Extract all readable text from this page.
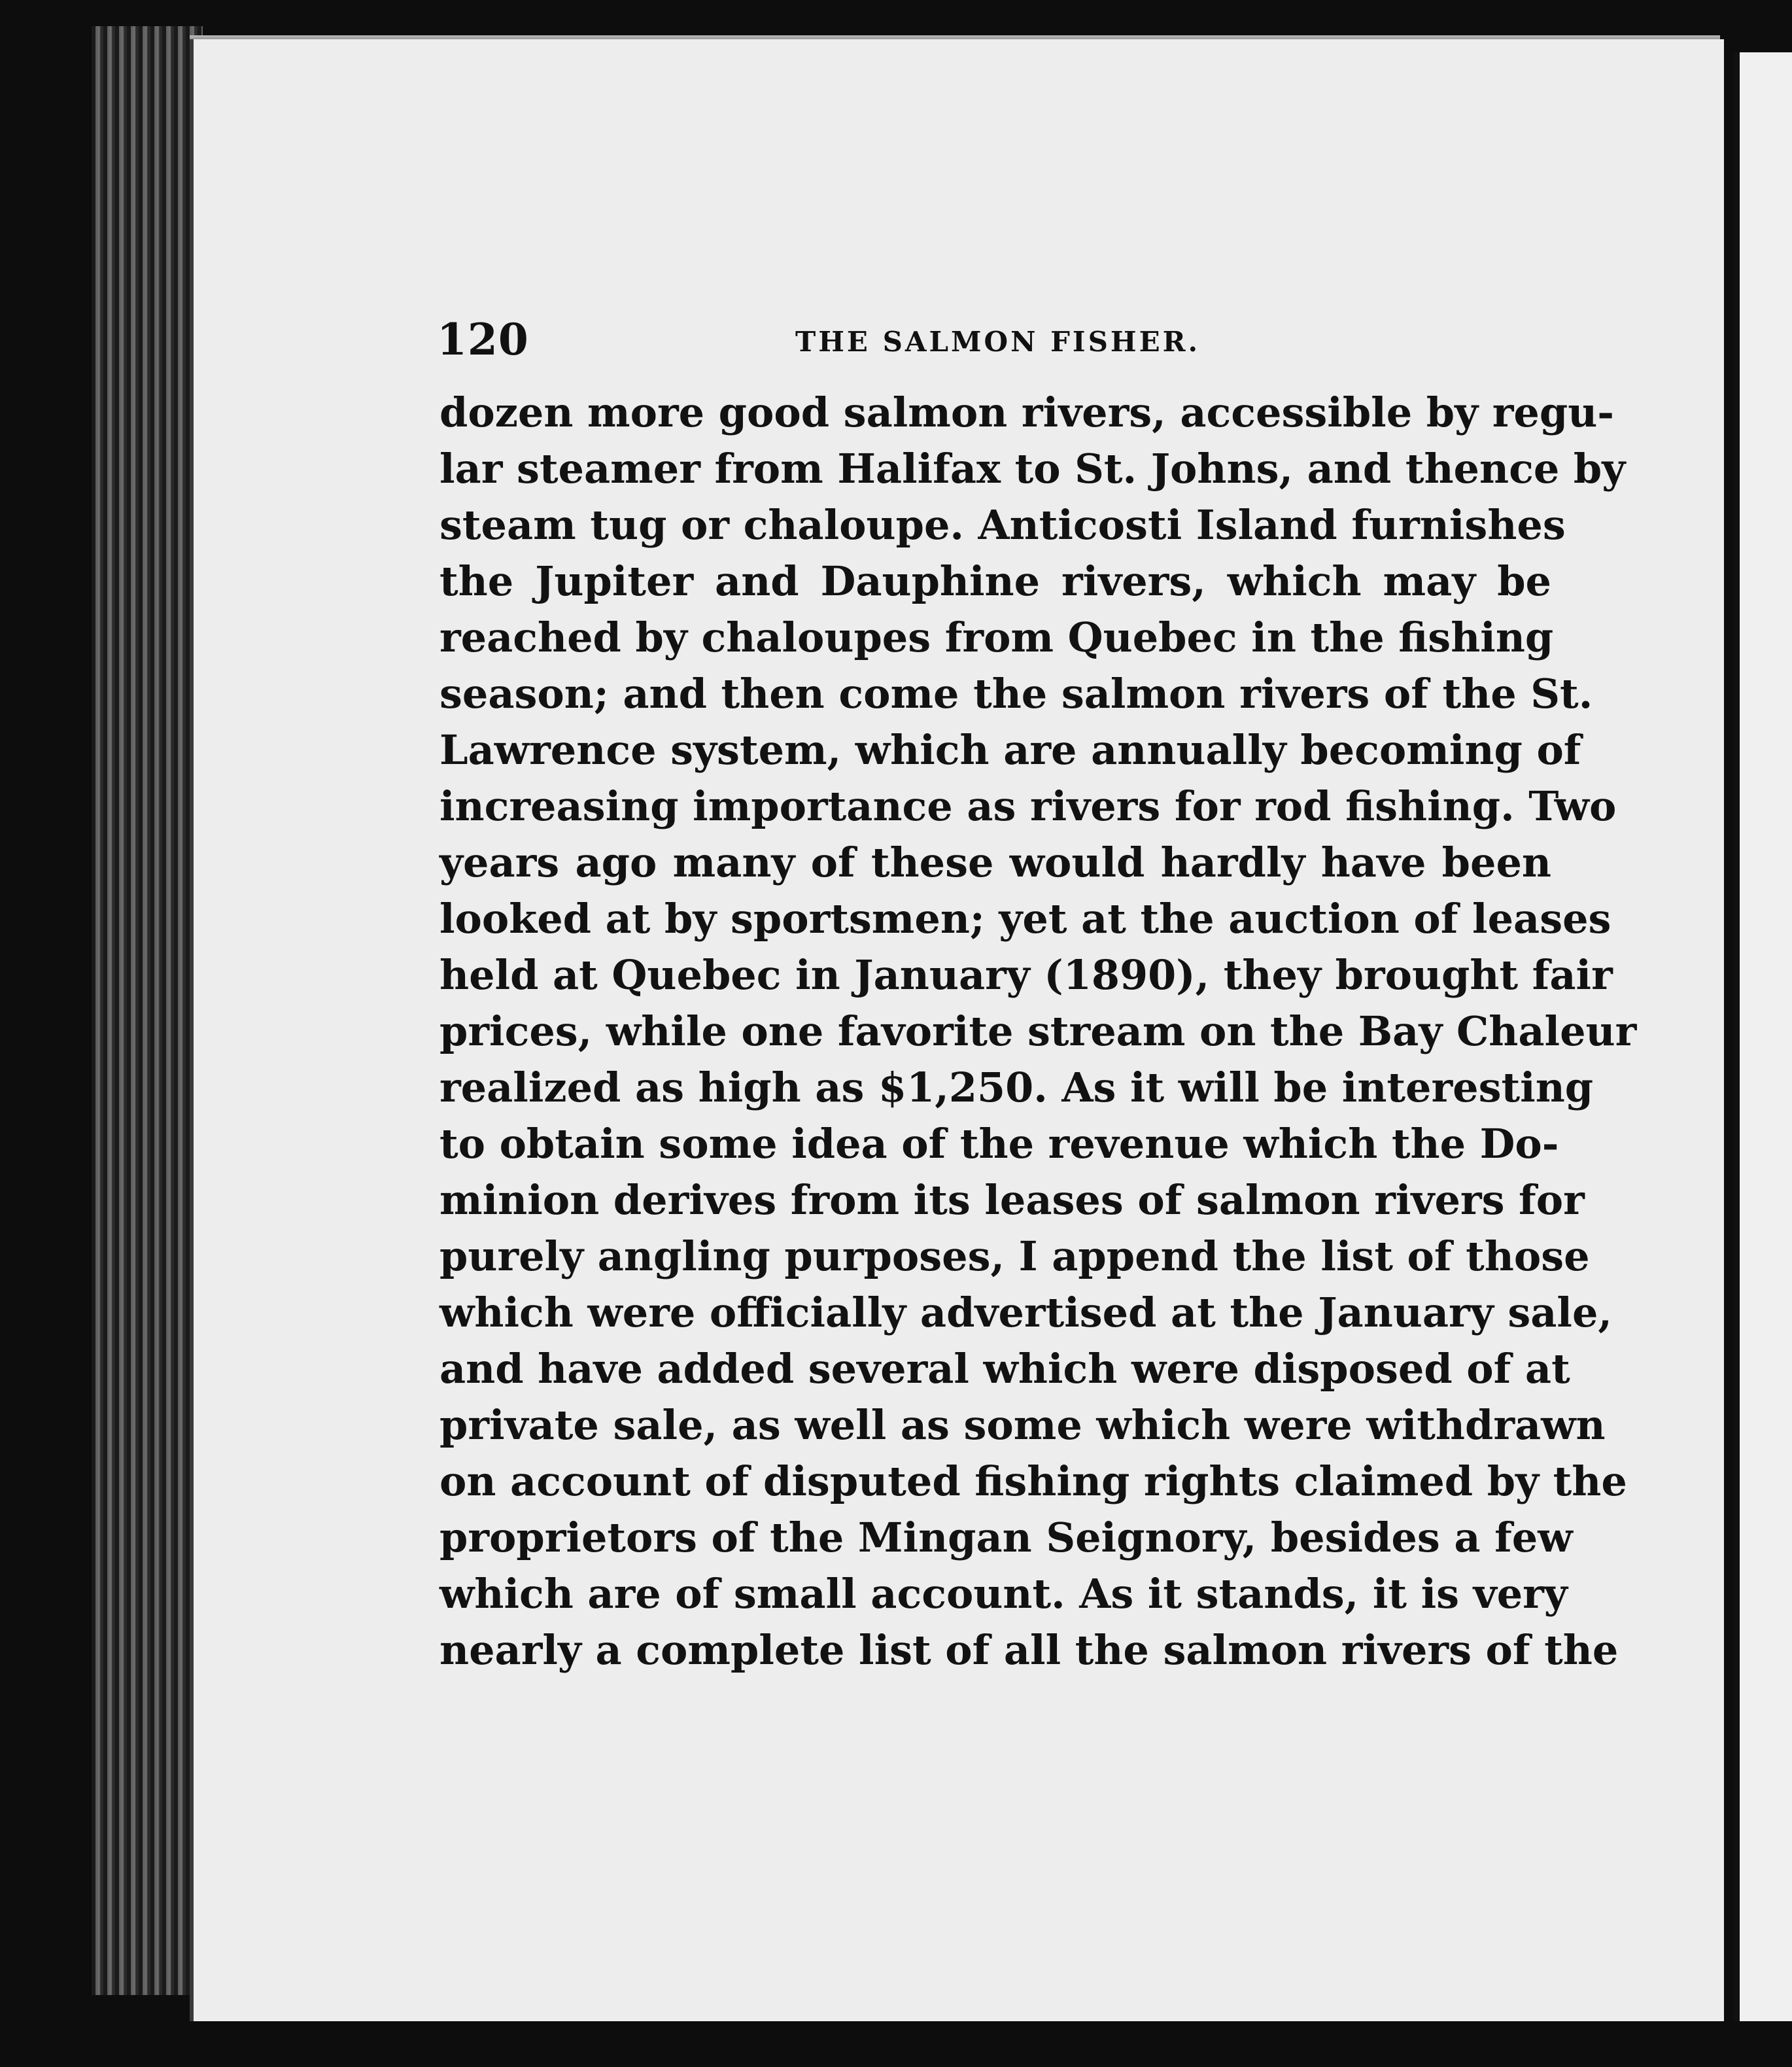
120	THE SALMON FISHER.
dozen more good salmon rivers, accessible by regu-
lar steamer from Halifax to St. Johns, and thence by
steam tug or chaloupe. Anticosti Island furnishes
the Jupiter and Dauphine rivers, which may be
reached by chaloupes from Quebec in the fishing
season; and then come the salmon rivers of the St.
Lawrence system, which are annually becoming of
increasing importance as rivers for rod fishing. Two
years ago many of these would hardly have been
looked at by sportsmen; yet at the auction of leases
held at Quebec in January (1890), they brought fair
prices, while one favorite stream on the Bay Chaleur
realized as high as $1,250. As it will be interesting
to obtain some idea of the revenue which the Do-
minion derives from its leases of salmon rivers for
purely angling purposes, I append the list of those
which were officially advertised at the January sale,
and have added several which were disposed of at
private sale, as well as some which were withdrawn
on account of disputed fishing rights claimed by the
proprietors of the Mingan Seignory, besides a few
which are of small account. As it stands, it is very
nearly a complete list of all the salmon rivers of the
